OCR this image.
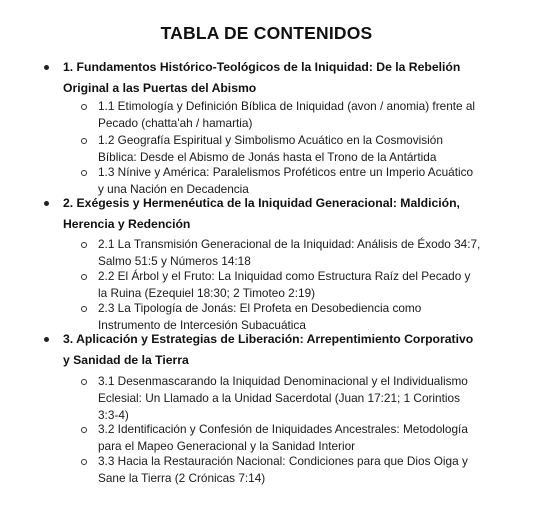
TABLA DE CONTENIDOS
1. Fundamentos Histórico-Teológicos de la Iniquidad: De la Rebelión Original a las Puertas del Abismo
1.1 Etimología y Definición Bíblica de Iniquidad (avon / anomia) frente al Pecado (chatta'ah / hamartia)
1.2 Geografía Espiritual y Simbolismo Acuático en la Cosmovisión Bíblica: Desde el Abismo de Jonás hasta el Trono de la Antártida
1.3 Nínive y América: Paralelismos Proféticos entre un Imperio Acuático y una Nación en Decadencia
2. Exégesis y Hermenéutica de la Iniquidad Generacional: Maldición, Herencia y Redención
2.1 La Transmisión Generacional de la Iniquidad: Análisis de Éxodo 34:7, Salmo 51:5 y Números 14:18
2.2 El Árbol y el Fruto: La Iniquidad como Estructura Raíz del Pecado y la Ruina (Ezequiel 18:30; 2 Timoteo 2:19)
2.3 La Tipología de Jonás: El Profeta en Desobediencia como Instrumento de Intercesión Subacuática
3. Aplicación y Estrategias de Liberación: Arrepentimiento Corporativo y Sanidad de la Tierra
3.1 Desenmascarando la Iniquidad Denominacional y el Individualismo Eclesial: Un Llamado a la Unidad Sacerdotal (Juan 17:21; 1 Corintios 3:3-4)
3.2 Identificación y Confesión de Iniquidades Ancestrales: Metodología para el Mapeo Generacional y la Sanidad Interior
3.3 Hacia la Restauración Nacional: Condiciones para que Dios Oiga y Sane la Tierra (2 Crónicas 7:14)
